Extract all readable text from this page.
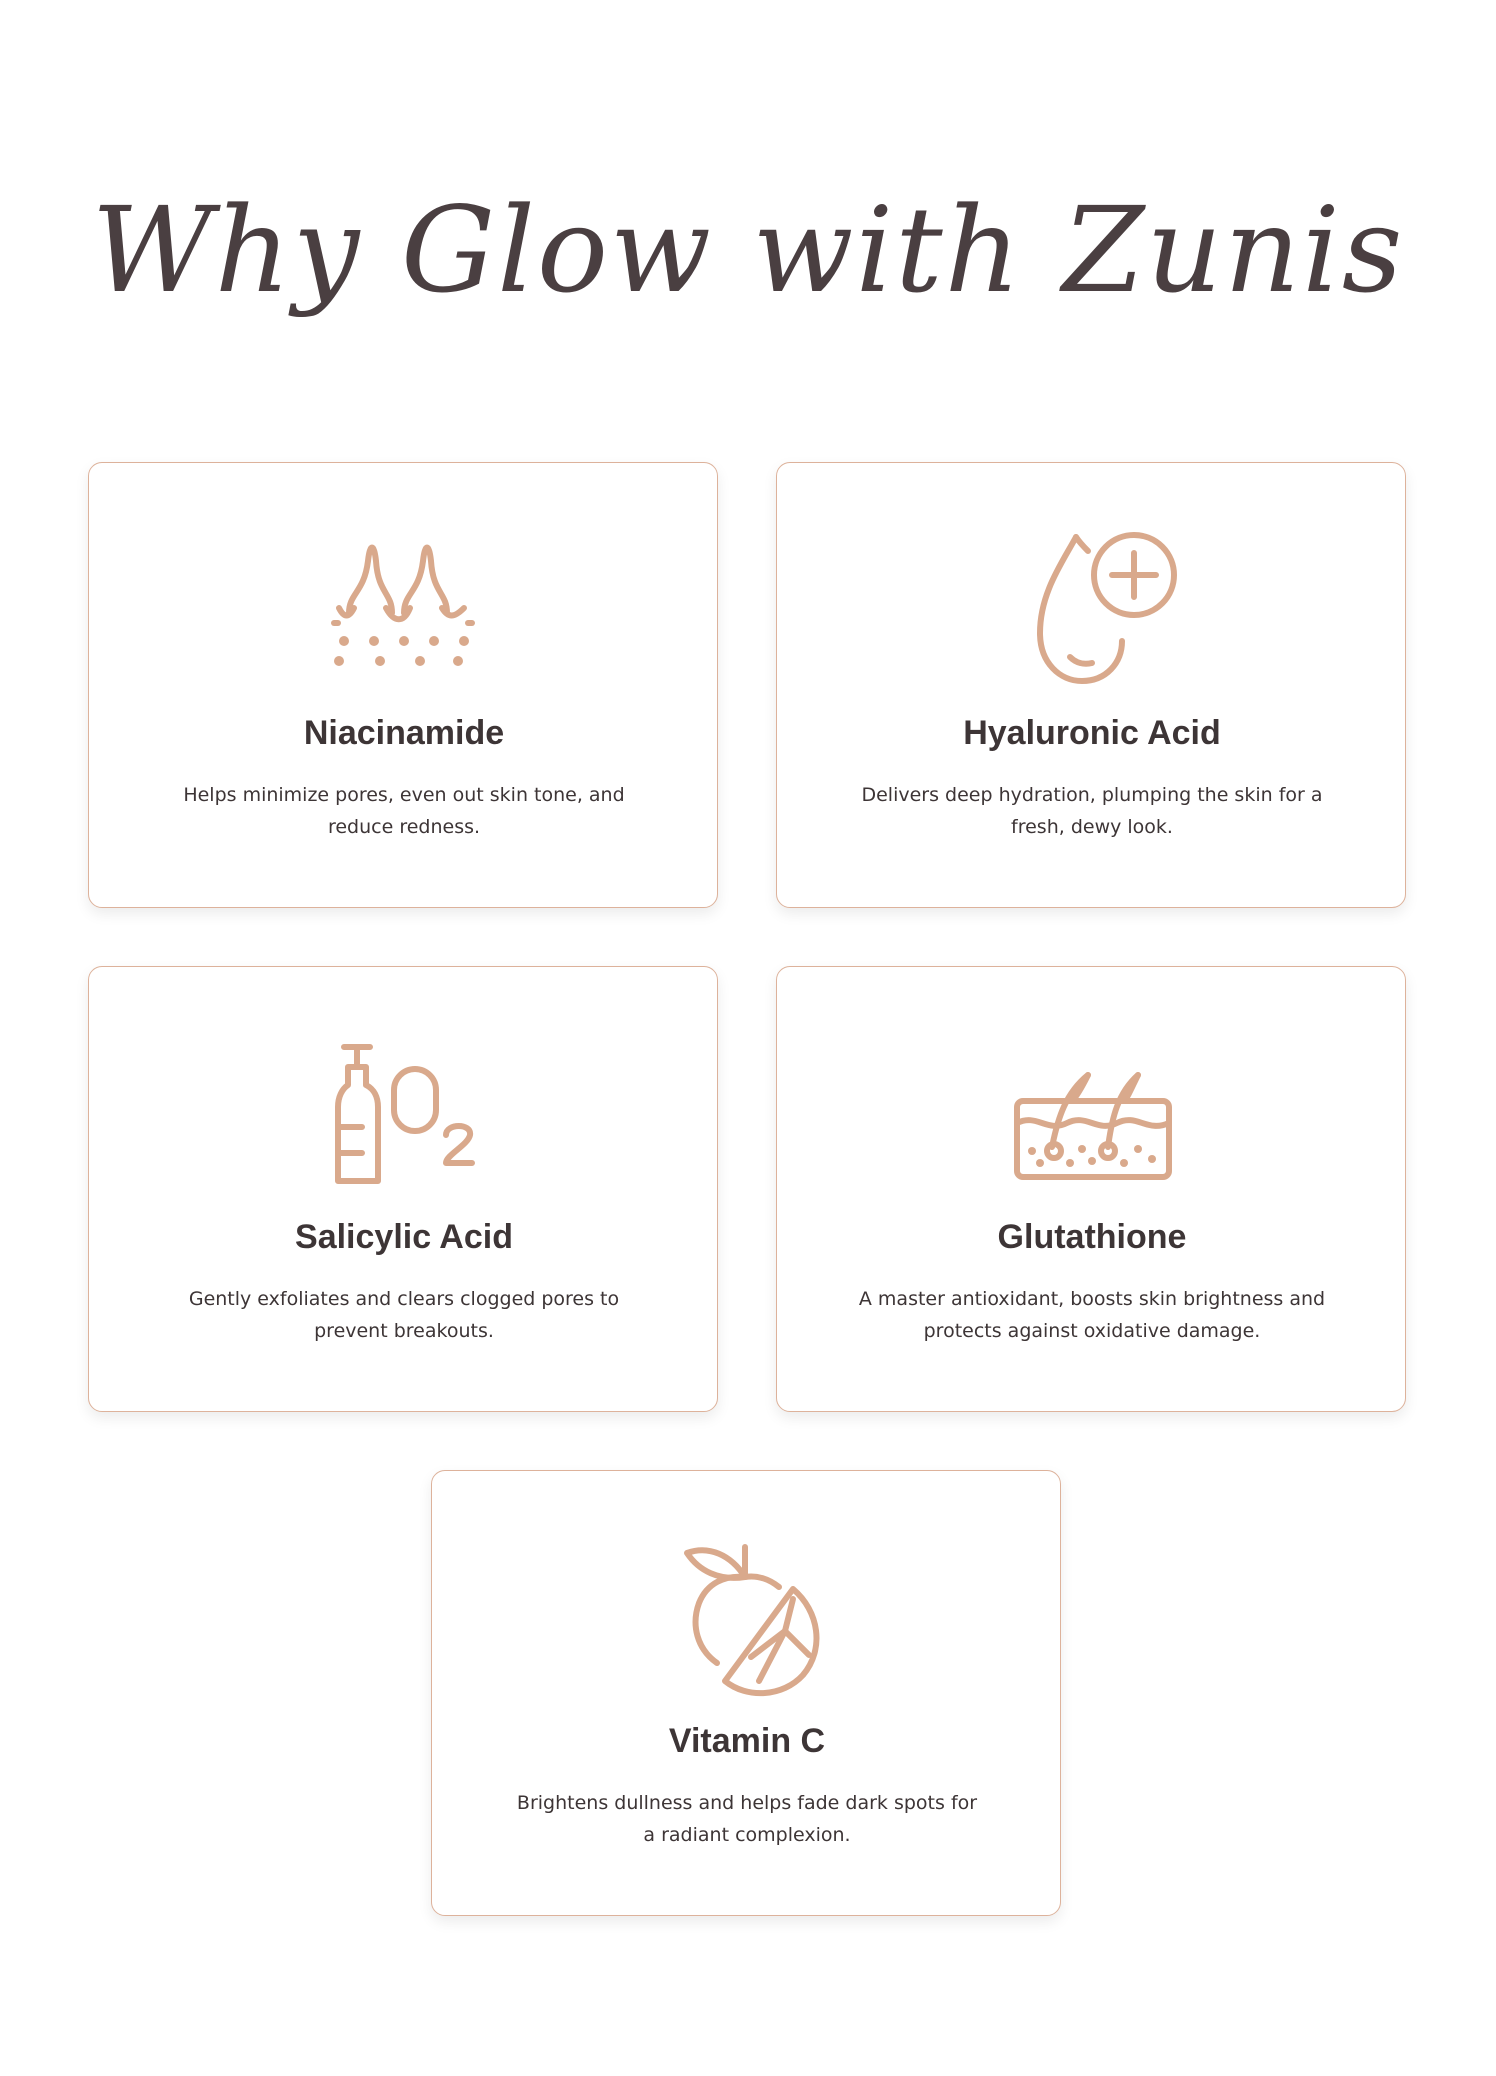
Why Glow with Zunis
Niacinamide
Helps minimize pores, even out skin tone, and reduce redness.
Hyaluronic Acid
Delivers deep hydration, plumping the skin for a fresh, dewy look.
Salicylic Acid
Gently exfoliates and clears clogged pores to prevent breakouts.
Glutathione
A master antioxidant, boosts skin brightness and protects against oxidative damage.
Vitamin C
Brightens dullness and helps fade dark spots for a radiant complexion.
